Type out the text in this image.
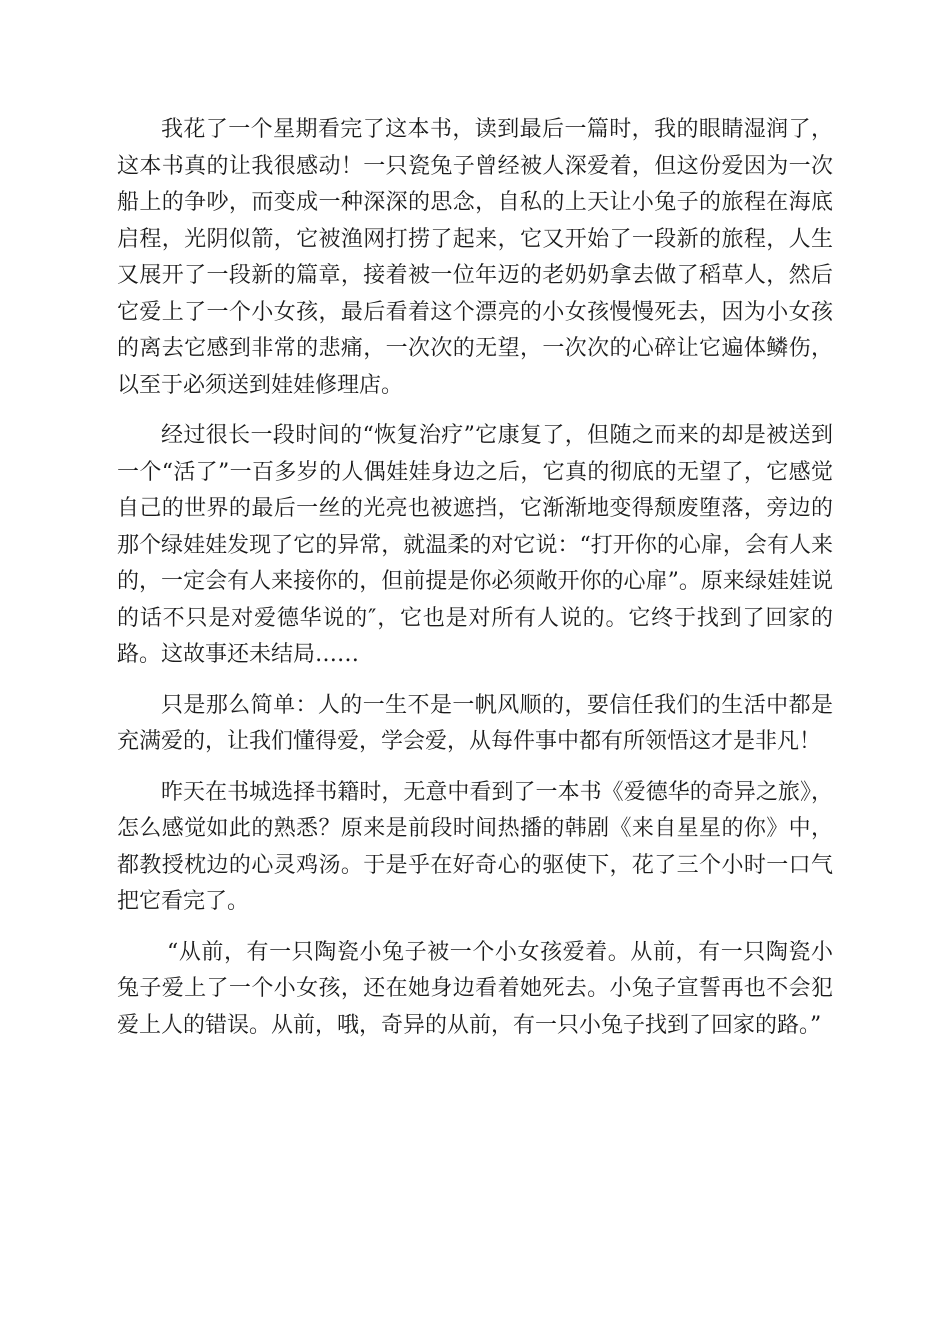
我花了一个星期看完了这本书，读到最后一篇时，我的眼睛湿润了，这本书真的让我很感动！一只瓷兔子曾经被人深爱着，但这份爱因为一次船上的争吵，而变成一种深深的思念，自私的上天让小兔子的旅程在海底启程，光阴似箭，它被渔网打捞了起来，它又开始了一段新的旅程，人生又展开了一段新的篇章，接着被一位年迈的老奶奶拿去做了稻草人，然后它爱上了一个小女孩，最后看着这个漂亮的小女孩慢慢死去，因为小女孩的离去它感到非常的悲痛，一次次的无望，一次次的心碎让它遍体鳞伤，以至于必须送到娃娃修理店。

经过很长一段时间的“恢复治疗”它康复了，但随之而来的却是被送到一个“活了”一百多岁的人偶娃娃身边之后，它真的彻底的无望了，它感觉自己的世界的最后一丝的光亮也被遮挡，它渐渐地变得颓废堕落，旁边的那个绿娃娃发现了它的异常，就温柔的对它说：“打开你的心扉，会有人来的，一定会有人来接你的，但前提是你必须敞开你的心扉”。原来绿娃娃说的话不只是对爱德华说的″，它也是对所有人说的。它终于找到了回家的路。这故事还未结局……

只是那么简单：人的一生不是一帆风顺的，要信任我们的生活中都是充满爱的，让我们懂得爱，学会爱，从每件事中都有所领悟这才是非凡！

昨天在书城选择书籍时，无意中看到了一本书《爱德华的奇异之旅》，怎么感觉如此的熟悉？原来是前段时间热播的韩剧《来自星星的你》中，都教授枕边的心灵鸡汤。于是乎在好奇心的驱使下，花了三个小时一口气把它看完了。

“从前，有一只陶瓷小兔子被一个小女孩爱着。从前，有一只陶瓷小兔子爱上了一个小女孩，还在她身边看着她死去。小兔子宣誓再也不会犯爱上人的错误。从前，哦，奇异的从前，有一只小兔子找到了回家的路。”
